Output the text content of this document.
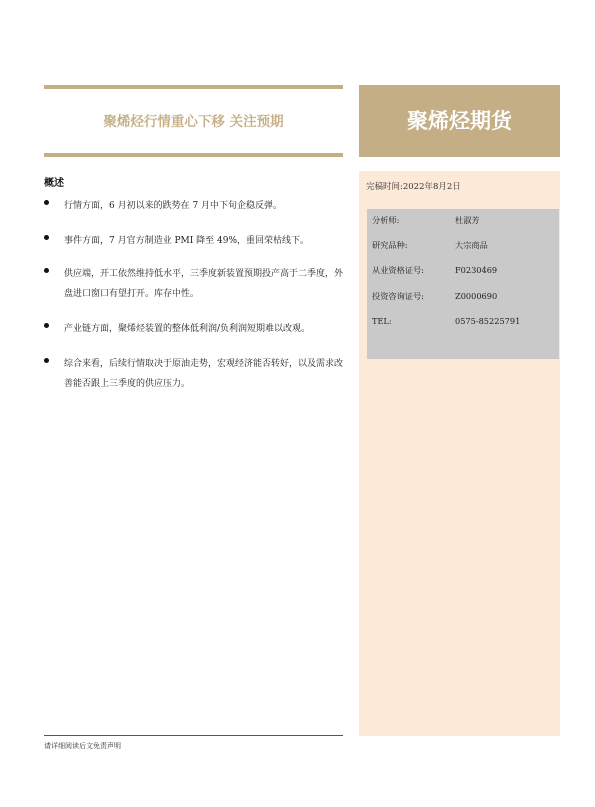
聚烯烃行情重心下移 关注预期	聚烯烃期货
完稿时间:2022年8月2日
分析师:	杜淑芳
研究品种:	大宗商品
从业资格证号:	F0230469
投资咨询证号:	Z0000690
TEL:	0575-85225791
概述
行情方面，6 月初以来的跌势在 7 月中下旬企稳反弹。
事件方面，7 月官方制造业 PMI 降至 49%，重回荣枯线下。
供应端，开工依然维持低水平，三季度新装置预期投产高于二季度，外盘进口窗口有望打开。库存中性。
产业链方面，聚烯烃装置的整体低利润/负利润短期难以改观。
综合来看，后续行情取决于原油走势，宏观经济能否转好，以及需求改善能否跟上三季度的供应压力。
请详细阅读后文免责声明
